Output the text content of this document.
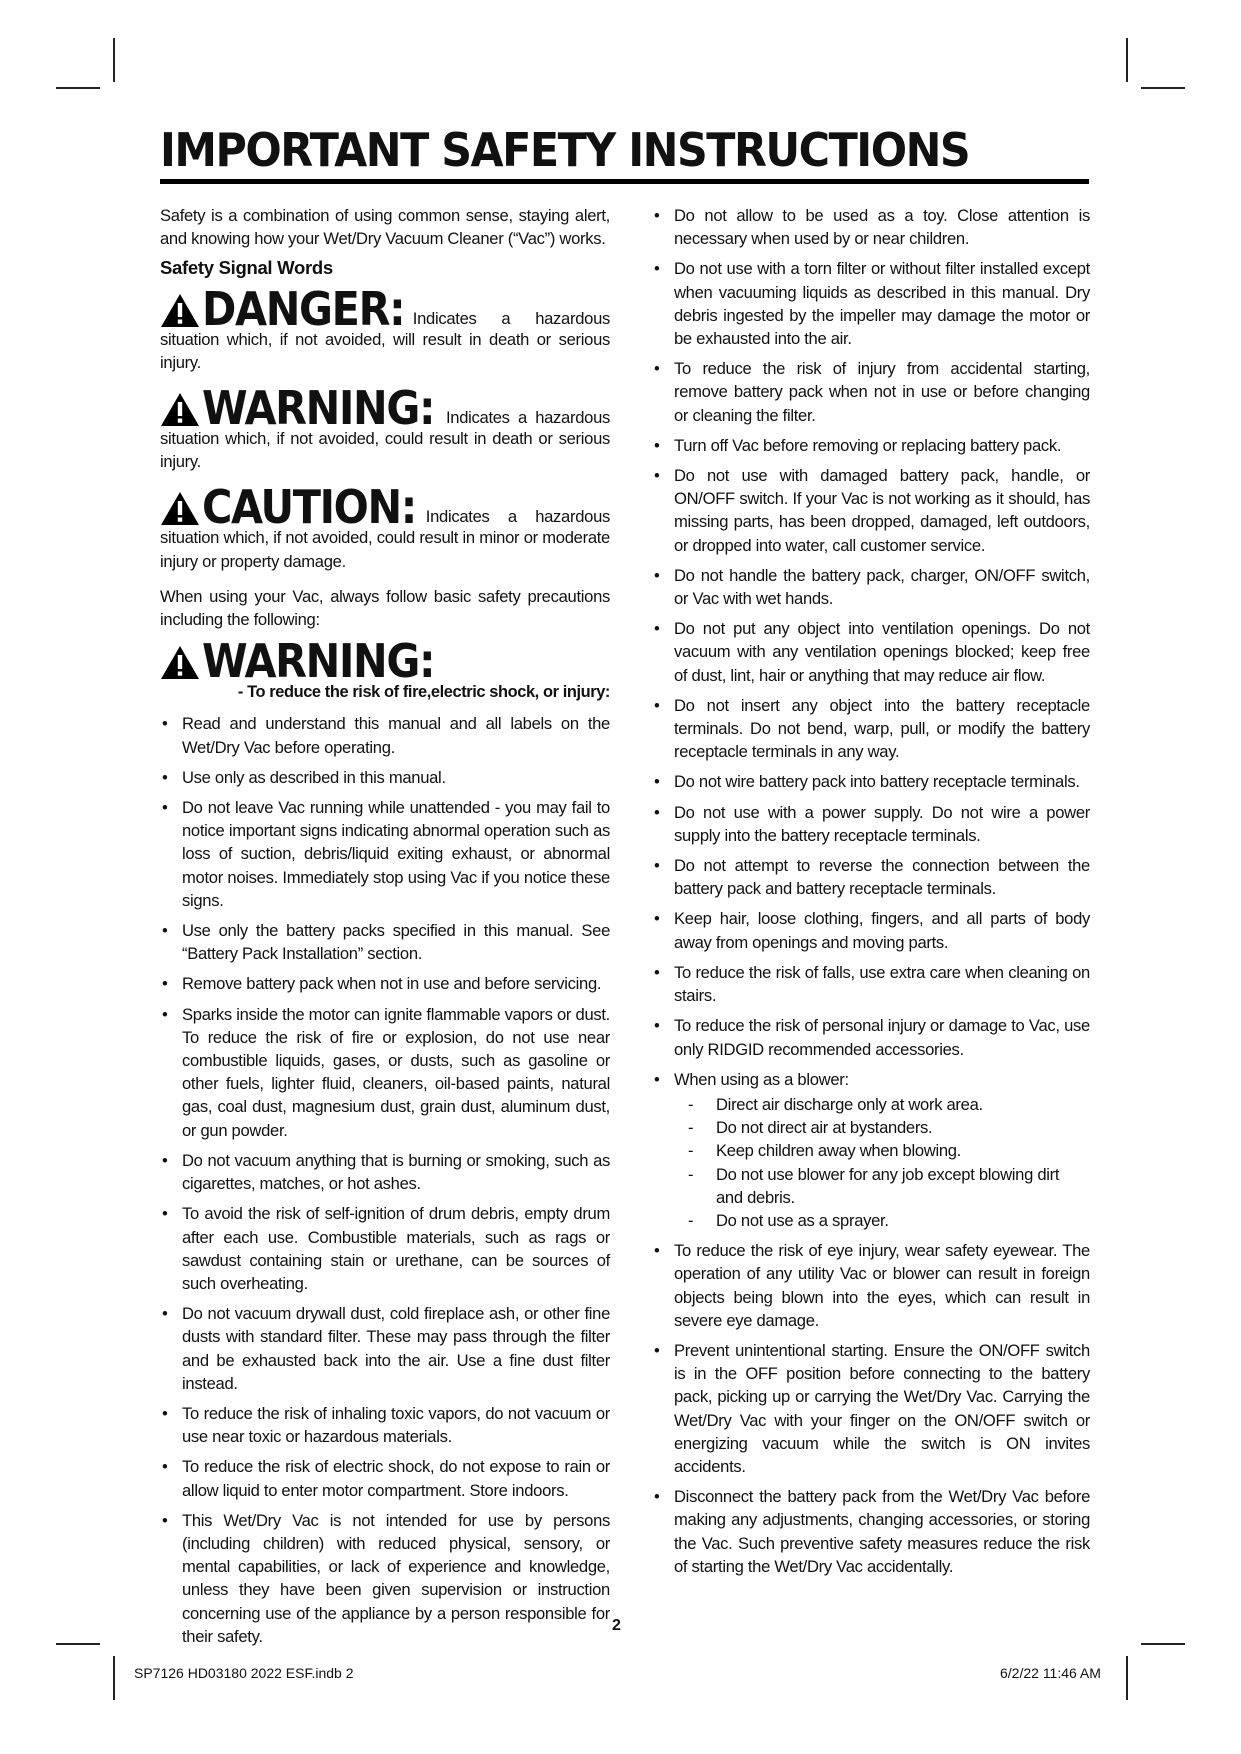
IMPORTANT SAFETY INSTRUCTIONS

Safety is a combination of using common sense, staying alert, and knowing how your Wet/Dry Vacuum Cleaner (“Vac”) works.

Safety Signal Words

DANGER: Indicates a hazardous
situation which, if not avoided, will result in death or serious injury.
WARNING: Indicates a hazardous
situation which, if not avoided, could result in death or serious injury.
CAUTION: Indicates a hazardous
situation which, if not avoided, could result in minor or moderate injury or property damage.

When using your Vac, always follow basic safety precautions including the following:

WARNING:
- To reduce the risk of fire,electric shock, or injury:
• Read and understand this manual and all labels on the Wet/Dry Vac before operating.
• Use only as described in this manual.
• Do not leave Vac running while unattended - you may fail to notice important signs indicating abnormal operation such as loss of suction, debris/liquid exiting exhaust, or abnormal motor noises. Immediately stop using Vac if you notice these signs.
• Use only the battery packs specified in this manual. See “Battery Pack Installation” section.
• Remove battery pack when not in use and before servicing.
• Sparks inside the motor can ignite flammable vapors or dust. To reduce the risk of fire or explosion, do not use near combustible liquids, gases, or dusts, such as gasoline or other fuels, lighter fluid, cleaners, oil-based paints, natural gas, coal dust, magnesium dust, grain dust, aluminum dust, or gun powder.
• Do not vacuum anything that is burning or smoking, such as cigarettes, matches, or hot ashes.
• To avoid the risk of self-ignition of drum debris, empty drum after each use. Combustible materials, such as rags or sawdust containing stain or urethane, can be sources of such overheating.
• Do not vacuum drywall dust, cold fireplace ash, or other fine dusts with standard filter. These may pass through the filter and be exhausted back into the air. Use a fine dust filter instead.
• To reduce the risk of inhaling toxic vapors, do not vacuum or use near toxic or hazardous materials.
• To reduce the risk of electric shock, do not expose to rain or allow liquid to enter motor compartment. Store indoors.
• This Wet/Dry Vac is not intended for use by persons (including children) with reduced physical, sensory, or mental capabilities, or lack of experience and knowledge, unless they have been given supervision or instruction concerning use of the appliance by a person responsible for their safety.
• Do not allow to be used as a toy. Close attention is necessary when used by or near children.
• Do not use with a torn filter or without filter installed except when vacuuming liquids as described in this manual. Dry debris ingested by the impeller may damage the motor or be exhausted into the air.
• To reduce the risk of injury from accidental starting, remove battery pack when not in use or before changing or cleaning the filter.
• Turn off Vac before removing or replacing battery pack.
• Do not use with damaged battery pack, handle, or ON/OFF switch. If your Vac is not working as it should, has missing parts, has been dropped, damaged, left outdoors, or dropped into water, call customer service.
• Do not handle the battery pack, charger, ON/OFF switch, or Vac with wet hands.
• Do not put any object into ventilation openings. Do not vacuum with any ventilation openings blocked; keep free of dust, lint, hair or anything that may reduce air flow.
• Do not insert any object into the battery receptacle terminals. Do not bend, warp, pull, or modify the battery receptacle terminals in any way.
• Do not wire battery pack into battery receptacle terminals.
• Do not use with a power supply. Do not wire a power supply into the battery receptacle terminals.
• Do not attempt to reverse the connection between the battery pack and battery receptacle terminals.
• Keep hair, loose clothing, fingers, and all parts of body away from openings and moving parts.
• To reduce the risk of falls, use extra care when cleaning on stairs.
• To reduce the risk of personal injury or damage to Vac, use only RIDGID recommended accessories.
• When using as a blower:
- Direct air discharge only at work area.
- Do not direct air at bystanders.
- Keep children away when blowing.
- Do not use blower for any job except blowing dirt and debris.
- Do not use as a sprayer.
• To reduce the risk of eye injury, wear safety eyewear. The operation of any utility Vac or blower can result in foreign objects being blown into the eyes, which can result in severe eye damage.
• Prevent unintentional starting. Ensure the ON/OFF switch is in the OFF position before connecting to the battery pack, picking up or carrying the Wet/Dry Vac. Carrying the Wet/Dry Vac with your finger on the ON/OFF switch or energizing vacuum while the switch is ON invites accidents.
• Disconnect the battery pack from the Wet/Dry Vac before making any adjustments, changing accessories, or storing the Vac. Such preventive safety measures reduce the risk of starting the Wet/Dry Vac accidentally.
2
SP7126 HD03180 2022 ESF.indb 2	6/2/22 11:46 AM
